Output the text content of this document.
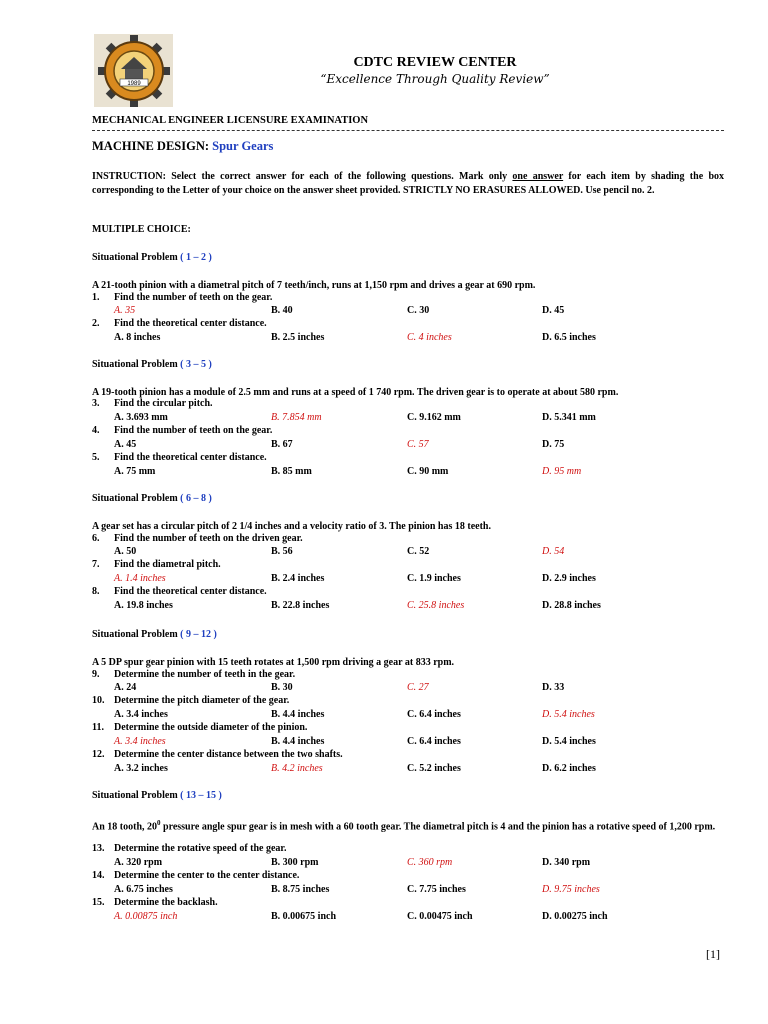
1989
CDTC REVIEW CENTER
“Excellence Through Quality Review”
MECHANICAL ENGINEER LICENSURE EXAMINATION
MACHINE DESIGN: Spur Gears
INSTRUCTION: Select the correct answer for each of the following questions. Mark only one answer for each item by shading the box corresponding to the Letter of your choice on the answer sheet provided. STRICTLY NO ERASURES ALLOWED. Use pencil no. 2.
MULTIPLE CHOICE:
Situational Problem ( 1 – 2 )
A 21-tooth pinion with a diametral pitch of 7 teeth/inch, runs at 1,150 rpm and drives a gear at 690 rpm.
1. Find the number of teeth on the gear.
A. 35	B. 40	C. 30	D. 45
2. Find the theoretical center distance.
A. 8 inches	B. 2.5 inches	C. 4 inches	D. 6.5 inches
Situational Problem ( 3 – 5 )
A 19-tooth pinion has a module of 2.5 mm and runs at a speed of 1 740 rpm. The driven gear is to operate at about 580 rpm.
3. Find the circular pitch.
A. 3.693 mm	B. 7.854 mm	C. 9.162 mm	D. 5.341 mm
4. Find the number of teeth on the gear.
A. 45	B. 67	C. 57	D. 75
5. Find the theoretical center distance.
A. 75 mm	B. 85 mm	C. 90 mm	D. 95 mm
Situational Problem ( 6 – 8 )
A gear set has a circular pitch of 2 1/4 inches and a velocity ratio of 3. The pinion has 18 teeth.
6. Find the number of teeth on the driven gear.
A. 50	B. 56	C. 52	D. 54
7. Find the diametral pitch.
A. 1.4 inches	B. 2.4 inches	C. 1.9 inches	D. 2.9 inches
8. Find the theoretical center distance.
A. 19.8 inches	B. 22.8 inches	C. 25.8 inches	D. 28.8 inches
Situational Problem ( 9 – 12 )
A 5 DP spur gear pinion with 15 teeth rotates at 1,500 rpm driving a gear at 833 rpm.
9. Determine the number of teeth in the gear.
A. 24	B. 30	C. 27	D. 33
10. Determine the pitch diameter of the gear.
A. 3.4 inches	B. 4.4 inches	C. 6.4 inches	D. 5.4 inches
11. Determine the outside diameter of the pinion.
A. 3.4 inches	B. 4.4 inches	C. 6.4 inches	D. 5.4 inches
12. Determine the center distance between the two shafts.
A. 3.2 inches	B. 4.2 inches	C. 5.2 inches	D. 6.2 inches
Situational Problem ( 13 – 15 )
An 18 tooth, $20^0$ pressure angle spur gear is in mesh with a 60 tooth gear. The diametral pitch is 4 and the pinion has a rotative speed of 1,200 rpm.
13. Determine the rotative speed of the gear.
A. 320 rpm	B. 300 rpm	C. 360 rpm	D. 340 rpm
14. Determine the center to the center distance.
A. 6.75 inches	B. 8.75 inches	C. 7.75 inches	D. 9.75 inches
15. Determine the backlash.
A. 0.00875 inch	B. 0.00675 inch	C. 0.00475 inch	D. 0.00275 inch
[1]
